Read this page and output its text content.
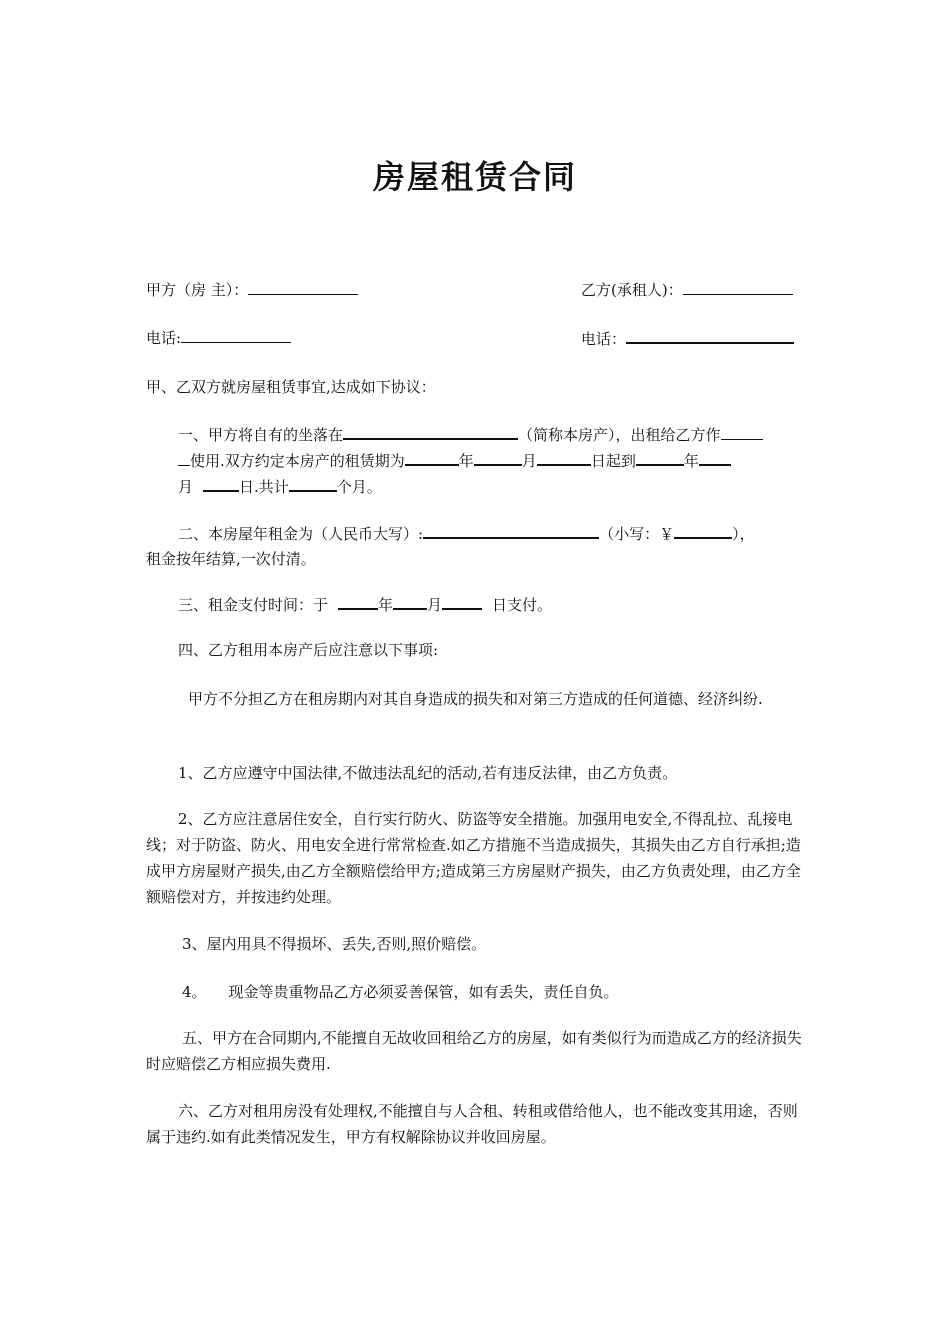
房屋租赁合同
甲方（房 主）：	乙方(承租人)：
电话:	电话：
甲、乙双方就房屋租赁事宜,达成如下协议：
一、甲方将自有的坐落在	（简称本房产），出租给乙方作
使用.双方约定本房产的租赁期为	年	月	日起到	年
月	日.共计	个月。
二、本房屋年租金为（人民币大写）:	（小写：￥	），
租金按年结算,一次付清。
三、租金支付时间：于	年 月	日支付。
四、乙方租用本房产后应注意以下事项:
甲方不分担乙方在租房期内对其自身造成的损失和对第三方造成的任何道德、经济纠纷.
1、乙方应遵守中国法律,不做违法乱纪的活动,若有违反法律，由乙方负责。
2、乙方应注意居住安全，自行实行防火、防盗等安全措施。加强用电安全,不得乱拉、乱接电线；对于防盗、防火、用电安全进行常常检查.如乙方措施不当造成损失，其损失由乙方自行承担;造成甲方房屋财产损失,由乙方全额赔偿给甲方;造成第三方房屋财产损失，由乙方负责处理，由乙方全额赔偿对方，并按违约处理。
3、屋内用具不得损坏、丢失,否则,照价赔偿。
4。 现金等贵重物品乙方必须妥善保管，如有丢失，责任自负。
五、甲方在合同期内,不能擅自无故收回租给乙方的房屋，如有类似行为而造成乙方的经济损失时应赔偿乙方相应损失费用.
六、乙方对租用房没有处理权,不能擅自与人合租、转租或借给他人，也不能改变其用途，否则属于违约.如有此类情况发生，甲方有权解除协议并收回房屋。
